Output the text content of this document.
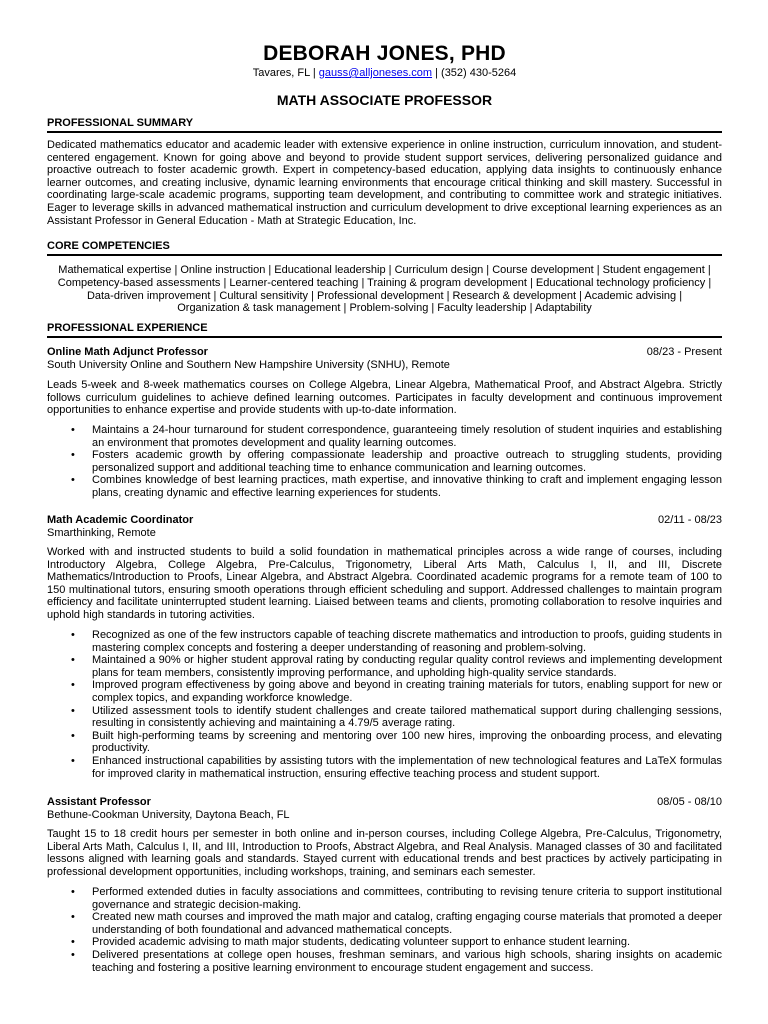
DEBORAH JONES, PHD
Tavares, FL | gauss@alljoneses.com | (352) 430-5264
MATH ASSOCIATE PROFESSOR
PROFESSIONAL SUMMARY

Dedicated mathematics educator and academic leader with extensive experience in online instruction, curriculum innovation, and student-centered engagement. Known for going above and beyond to provide student support services, delivering personalized guidance and proactive outreach to foster academic growth. Expert in competency-based education, applying data insights to continuously enhance learner outcomes, and creating inclusive, dynamic learning environments that encourage critical thinking and skill mastery. Successful in coordinating large-scale academic programs, supporting team development, and contributing to committee work and strategic initiatives. Eager to leverage skills in advanced mathematical instruction and curriculum development to drive exceptional learning experiences as an Assistant Professor in General Education - Math at Strategic Education, Inc.

CORE COMPETENCIES

Mathematical expertise | Online instruction | Educational leadership | Curriculum design | Course development | Student engagement | Competency-based assessments | Learner-centered teaching | Training & program development | Educational technology proficiency | Data-driven improvement | Cultural sensitivity | Professional development | Research & development | Academic advising | Organization & task management | Problem-solving | Faculty leadership | Adaptability

PROFESSIONAL EXPERIENCE
Online Math Adjunct Professor	08/23 - Present
South University Online and Southern New Hampshire University (SNHU), Remote

Leads 5-week and 8-week mathematics courses on College Algebra, Linear Algebra, Mathematical Proof, and Abstract Algebra. Strictly follows curriculum guidelines to achieve defined learning outcomes. Participates in faculty development and continuous improvement opportunities to enhance expertise and provide students with up-to-date information.

• Maintains a 24-hour turnaround for student correspondence, guaranteeing timely resolution of student inquiries and establishing an environment that promotes development and quality learning outcomes.
• Fosters academic growth by offering compassionate leadership and proactive outreach to struggling students, providing personalized support and additional teaching time to enhance communication and learning outcomes.
• Combines knowledge of best learning practices, math expertise, and innovative thinking to craft and implement engaging lesson plans, creating dynamic and effective learning experiences for students.
Math Academic Coordinator	02/11 - 08/23
Smarthinking, Remote

Worked with and instructed students to build a solid foundation in mathematical principles across a wide range of courses, including Introductory Algebra, College Algebra, Pre-Calculus, Trigonometry, Liberal Arts Math, Calculus I, II, and III, Discrete Mathematics/Introduction to Proofs, Linear Algebra, and Abstract Algebra. Coordinated academic programs for a remote team of 100 to 150 multinational tutors, ensuring smooth operations through efficient scheduling and support. Addressed challenges to maintain program efficiency and facilitate uninterrupted student learning. Liaised between teams and clients, promoting collaboration to resolve inquiries and uphold high standards in tutoring activities.

• Recognized as one of the few instructors capable of teaching discrete mathematics and introduction to proofs, guiding students in mastering complex concepts and fostering a deeper understanding of reasoning and problem-solving.
• Maintained a 90% or higher student approval rating by conducting regular quality control reviews and implementing development plans for team members, consistently improving performance, and upholding high-quality service standards.
• Improved program effectiveness by going above and beyond in creating training materials for tutors, enabling support for new or complex topics, and expanding workforce knowledge.
• Utilized assessment tools to identify student challenges and create tailored mathematical support during challenging sessions, resulting in consistently achieving and maintaining a 4.79/5 average rating.
• Built high-performing teams by screening and mentoring over 100 new hires, improving the onboarding process, and elevating productivity.
• Enhanced instructional capabilities by assisting tutors with the implementation of new technological features and LaTeX formulas for improved clarity in mathematical instruction, ensuring effective teaching process and student support.
Assistant Professor	08/05 - 08/10
Bethune-Cookman University, Daytona Beach, FL

Taught 15 to 18 credit hours per semester in both online and in-person courses, including College Algebra, Pre-Calculus, Trigonometry, Liberal Arts Math, Calculus I, II, and III, Introduction to Proofs, Abstract Algebra, and Real Analysis. Managed classes of 30 and facilitated lessons aligned with learning goals and standards. Stayed current with educational trends and best practices by actively participating in professional development opportunities, including workshops, training, and seminars each semester.

• Performed extended duties in faculty associations and committees, contributing to revising tenure criteria to support institutional governance and strategic decision-making.
• Created new math courses and improved the math major and catalog, crafting engaging course materials that promoted a deeper understanding of both foundational and advanced mathematical concepts.
• Provided academic advising to math major students, dedicating volunteer support to enhance student learning.
• Delivered presentations at college open houses, freshman seminars, and various high schools, sharing insights on academic teaching and fostering a positive learning environment to encourage student engagement and success.
